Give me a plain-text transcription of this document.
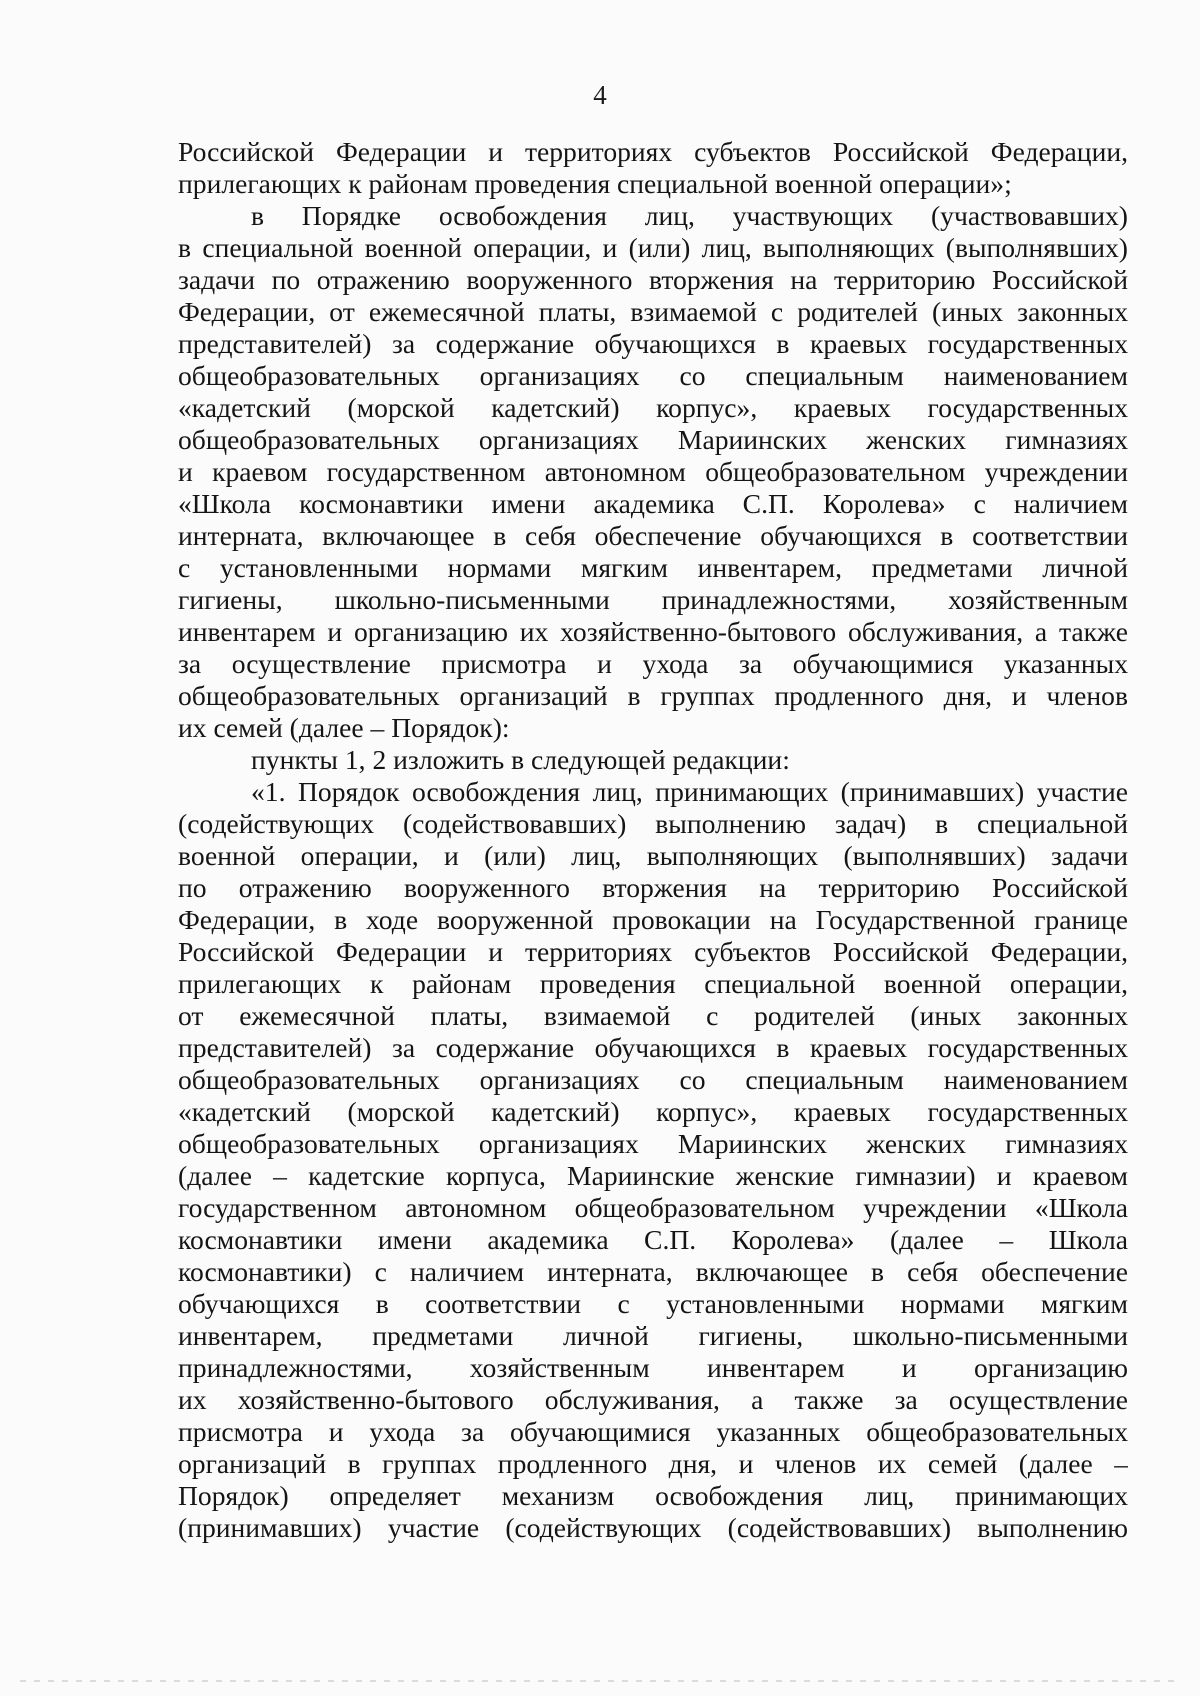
4
Российской Федерации и территориях субъектов Российской Федерации,
прилегающих к районам проведения специальной военной операции»;
в Порядке освобождения лиц, участвующих (участвовавших)
в специальной военной операции, и (или) лиц, выполняющих (выполнявших)
задачи по отражению вооруженного вторжения на территорию Российской
Федерации, от ежемесячной платы, взимаемой с родителей (иных законных
представителей) за содержание обучающихся в краевых государственных
общеобразовательных организациях со специальным наименованием
«кадетский (морской кадетский) корпус», краевых государственных
общеобразовательных организациях Мариинских женских гимназиях
и краевом государственном автономном общеобразовательном учреждении
«Школа космонавтики имени академика С.П. Королева» с наличием
интерната, включающее в себя обеспечение обучающихся в соответствии
с установленными нормами мягким инвентарем, предметами личной
гигиены, школьно-письменными принадлежностями, хозяйственным
инвентарем и организацию их хозяйственно-бытового обслуживания, а также
за осуществление присмотра и ухода за обучающимися указанных
общеобразовательных организаций в группах продленного дня, и членов
их семей (далее – Порядок):
пункты 1, 2 изложить в следующей редакции:
«1. Порядок освобождения лиц, принимающих (принимавших) участие
(содействующих (содействовавших) выполнению задач) в специальной
военной операции, и (или) лиц, выполняющих (выполнявших) задачи
по отражению вооруженного вторжения на территорию Российской
Федерации, в ходе вооруженной провокации на Государственной границе
Российской Федерации и территориях субъектов Российской Федерации,
прилегающих к районам проведения специальной военной операции,
от ежемесячной платы, взимаемой с родителей (иных законных
представителей) за содержание обучающихся в краевых государственных
общеобразовательных организациях со специальным наименованием
«кадетский (морской кадетский) корпус», краевых государственных
общеобразовательных организациях Мариинских женских гимназиях
(далее – кадетские корпуса, Мариинские женские гимназии) и краевом
государственном автономном общеобразовательном учреждении «Школа
космонавтики имени академика С.П. Королева» (далее – Школа
космонавтики) с наличием интерната, включающее в себя обеспечение
обучающихся в соответствии с установленными нормами мягким
инвентарем, предметами личной гигиены, школьно-письменными
принадлежностями, хозяйственным инвентарем и организацию
их хозяйственно-бытового обслуживания, а также за осуществление
присмотра и ухода за обучающимися указанных общеобразовательных
организаций в группах продленного дня, и членов их семей (далее –
Порядок) определяет механизм освобождения лиц, принимающих
(принимавших) участие (содействующих (содействовавших) выполнению
